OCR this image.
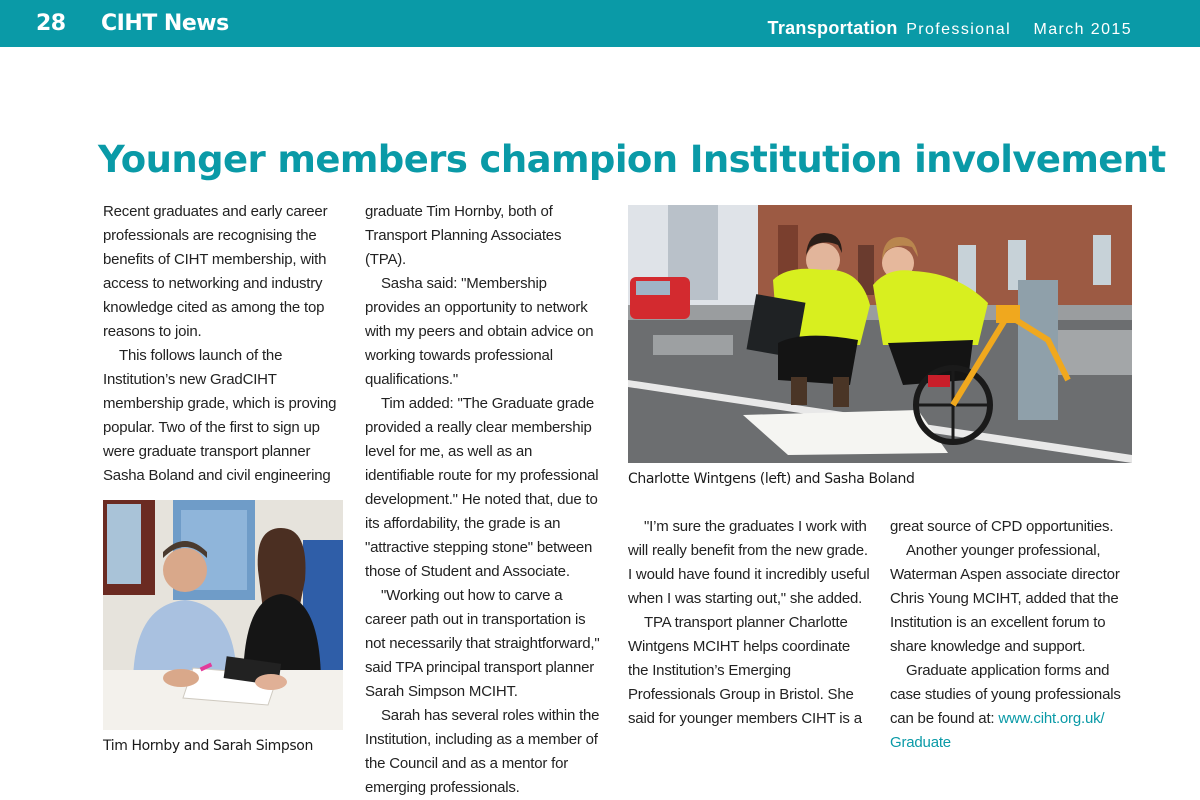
28 CIHT News	Transportation Professional March 2015
Younger members champion Institution involvement

Recent graduates and early career professionals are recognising the benefits of CIHT membership, with access to networking and industry knowledge cited as among the top reasons to join.

This follows launch of the Institution’s new GradCIHT membership grade, which is proving popular. Two of the first to sign up were graduate transport planner Sasha Boland and civil engineering

Tim Hornby and Sarah Simpson

graduate Tim Hornby, both of Transport Planning Associates (TPA).

Sasha said: "Membership provides an opportunity to network with my peers and obtain advice on working towards professional qualifications."

Tim added: "The Graduate grade provided a really clear membership level for me, as well as an identifiable route for my professional development." He noted that, due to its affordability, the grade is an "attractive stepping stone" between those of Student and Associate.

"Working out how to carve a career path out in transportation is not necessarily that straightforward," said TPA principal transport planner Sarah Simpson MCIHT.

Sarah has several roles within the Institution, including as a member of the Council and as a mentor for emerging professionals.

Charlotte Wintgens (left) and Sasha Boland

"I’m sure the graduates I work with will really benefit from the new grade. I would have found it incredibly useful when I was starting out," she added.

TPA transport planner Charlotte Wintgens MCIHT helps coordinate the Institution’s Emerging Professionals Group in Bristol. She said for younger members CIHT is a

great source of CPD opportunities.

Another younger professional, Waterman Aspen associate director Chris Young MCIHT, added that the Institution is an excellent forum to share knowledge and support.

Graduate application forms and case studies of young professionals can be found at: www.ciht.org.uk/ Graduate
